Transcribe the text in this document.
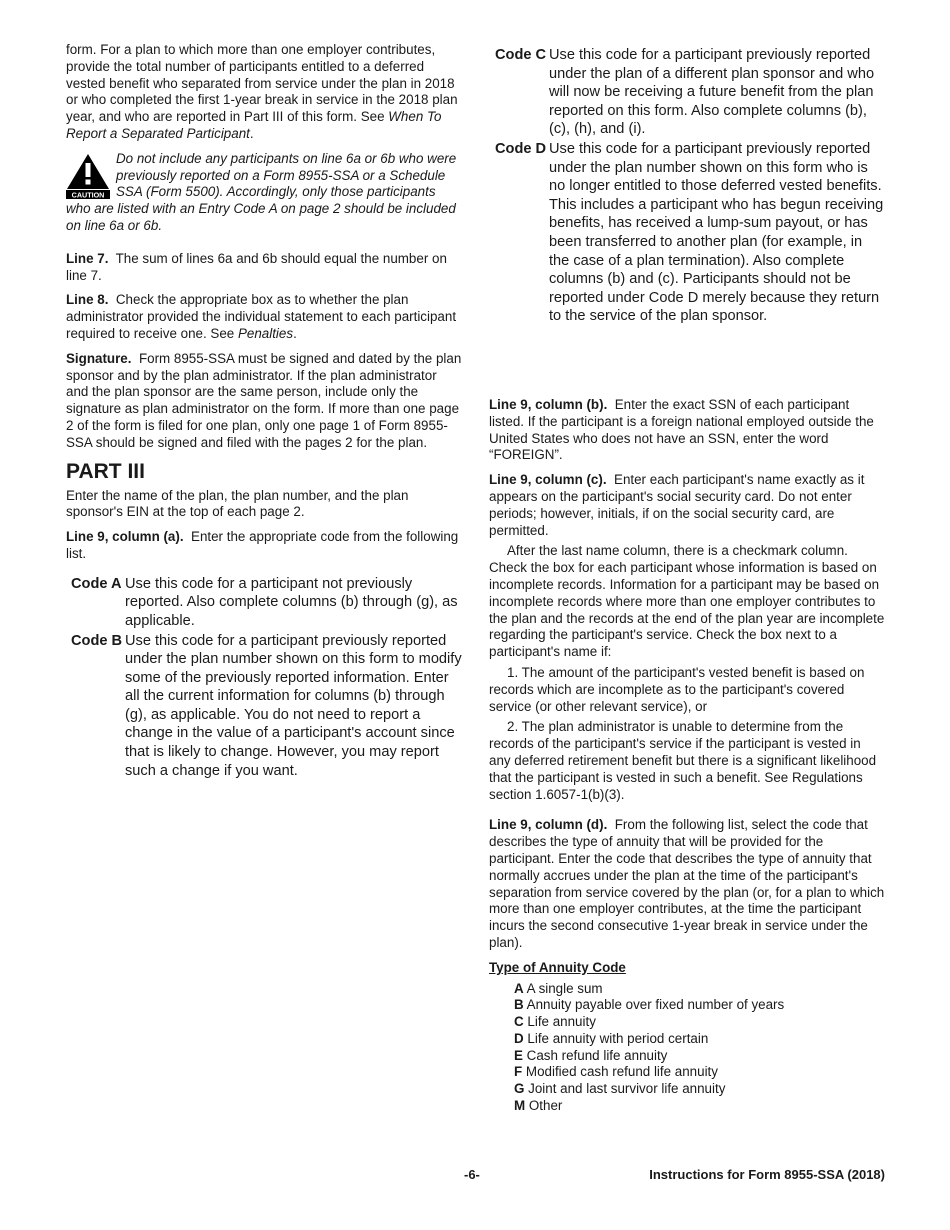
form. For a plan to which more than one employer contributes, provide the total number of participants entitled to a deferred vested benefit who separated from service under the plan in 2018 or who completed the first 1-year break in service in the 2018 plan year, and who are reported in Part III of this form. See When To Report a Separated Participant.

CAUTION
Do not include any participants on line 6a or 6b who were previously reported on a Form 8955-SSA or a Schedule SSA (Form 5500). Accordingly, only those participants who are listed with an Entry Code A on page 2 should be included on line 6a or 6b.

Line 7. The sum of lines 6a and 6b should equal the number on line 7.

Line 8. Check the appropriate box as to whether the plan administrator provided the individual statement to each participant required to receive one. See Penalties.

Signature. Form 8955-SSA must be signed and dated by the plan sponsor and by the plan administrator. If the plan administrator and the plan sponsor are the same person, include only the signature as plan administrator on the form. If more than one page 2 of the form is filed for one plan, only one page 1 of Form 8955-SSA should be signed and filed with the pages 2 for the plan.

PART III

Enter the name of the plan, the plan number, and the plan sponsor's EIN at the top of each page 2.

Line 9, column (a). Enter the appropriate code from the following list.

Code A Use this code for a participant not previously reported. Also complete columns (b) through (g), as applicable.
Code B Use this code for a participant previously reported under the plan number shown on this form to modify some of the previously reported information. Enter all the current information for columns (b) through (g), as applicable. You do not need to report a change in the value of a participant's account since that is likely to change. However, you may report such a change if you want.
Code C Use this code for a participant previously reported under the plan of a different plan sponsor and who will now be receiving a future benefit from the plan reported on this form. Also complete columns (b), (c), (h), and (i).
Code D Use this code for a participant previously reported under the plan number shown on this form who is no longer entitled to those deferred vested benefits. This includes a participant who has begun receiving benefits, has received a lump-sum payout, or has been transferred to another plan (for example, in the case of a plan termination). Also complete columns (b) and (c). Participants should not be reported under Code D merely because they return to the service of the plan sponsor.

Line 9, column (b). Enter the exact SSN of each participant listed. If the participant is a foreign national employed outside the United States who does not have an SSN, enter the word “FOREIGN”.

Line 9, column (c). Enter each participant's name exactly as it appears on the participant's social security card. Do not enter periods; however, initials, if on the social security card, are permitted.

After the last name column, there is a checkmark column. Check the box for each participant whose information is based on incomplete records. Information for a participant may be based on incomplete records where more than one employer contributes to the plan and the records at the end of the plan year are incomplete regarding the participant's service. Check the box next to a participant's name if:

1. The amount of the participant's vested benefit is based on records which are incomplete as to the participant's covered service (or other relevant service), or

2. The plan administrator is unable to determine from the records of the participant's service if the participant is vested in any deferred retirement benefit but there is a significant likelihood that the participant is vested in such a benefit. See Regulations section 1.6057-1(b)(3).

Line 9, column (d). From the following list, select the code that describes the type of annuity that will be provided for the participant. Enter the code that describes the type of annuity that normally accrues under the plan at the time of the participant's separation from service covered by the plan (or, for a plan to which more than one employer contributes, at the time the participant incurs the second consecutive 1-year break in service under the plan).

Type of Annuity Code
A A single sum
B Annuity payable over fixed number of years
C Life annuity
D Life annuity with period certain
E Cash refund life annuity
F Modified cash refund life annuity
G Joint and last survivor life annuity
M Other
-6-	Instructions for Form 8955-SSA (2018)
